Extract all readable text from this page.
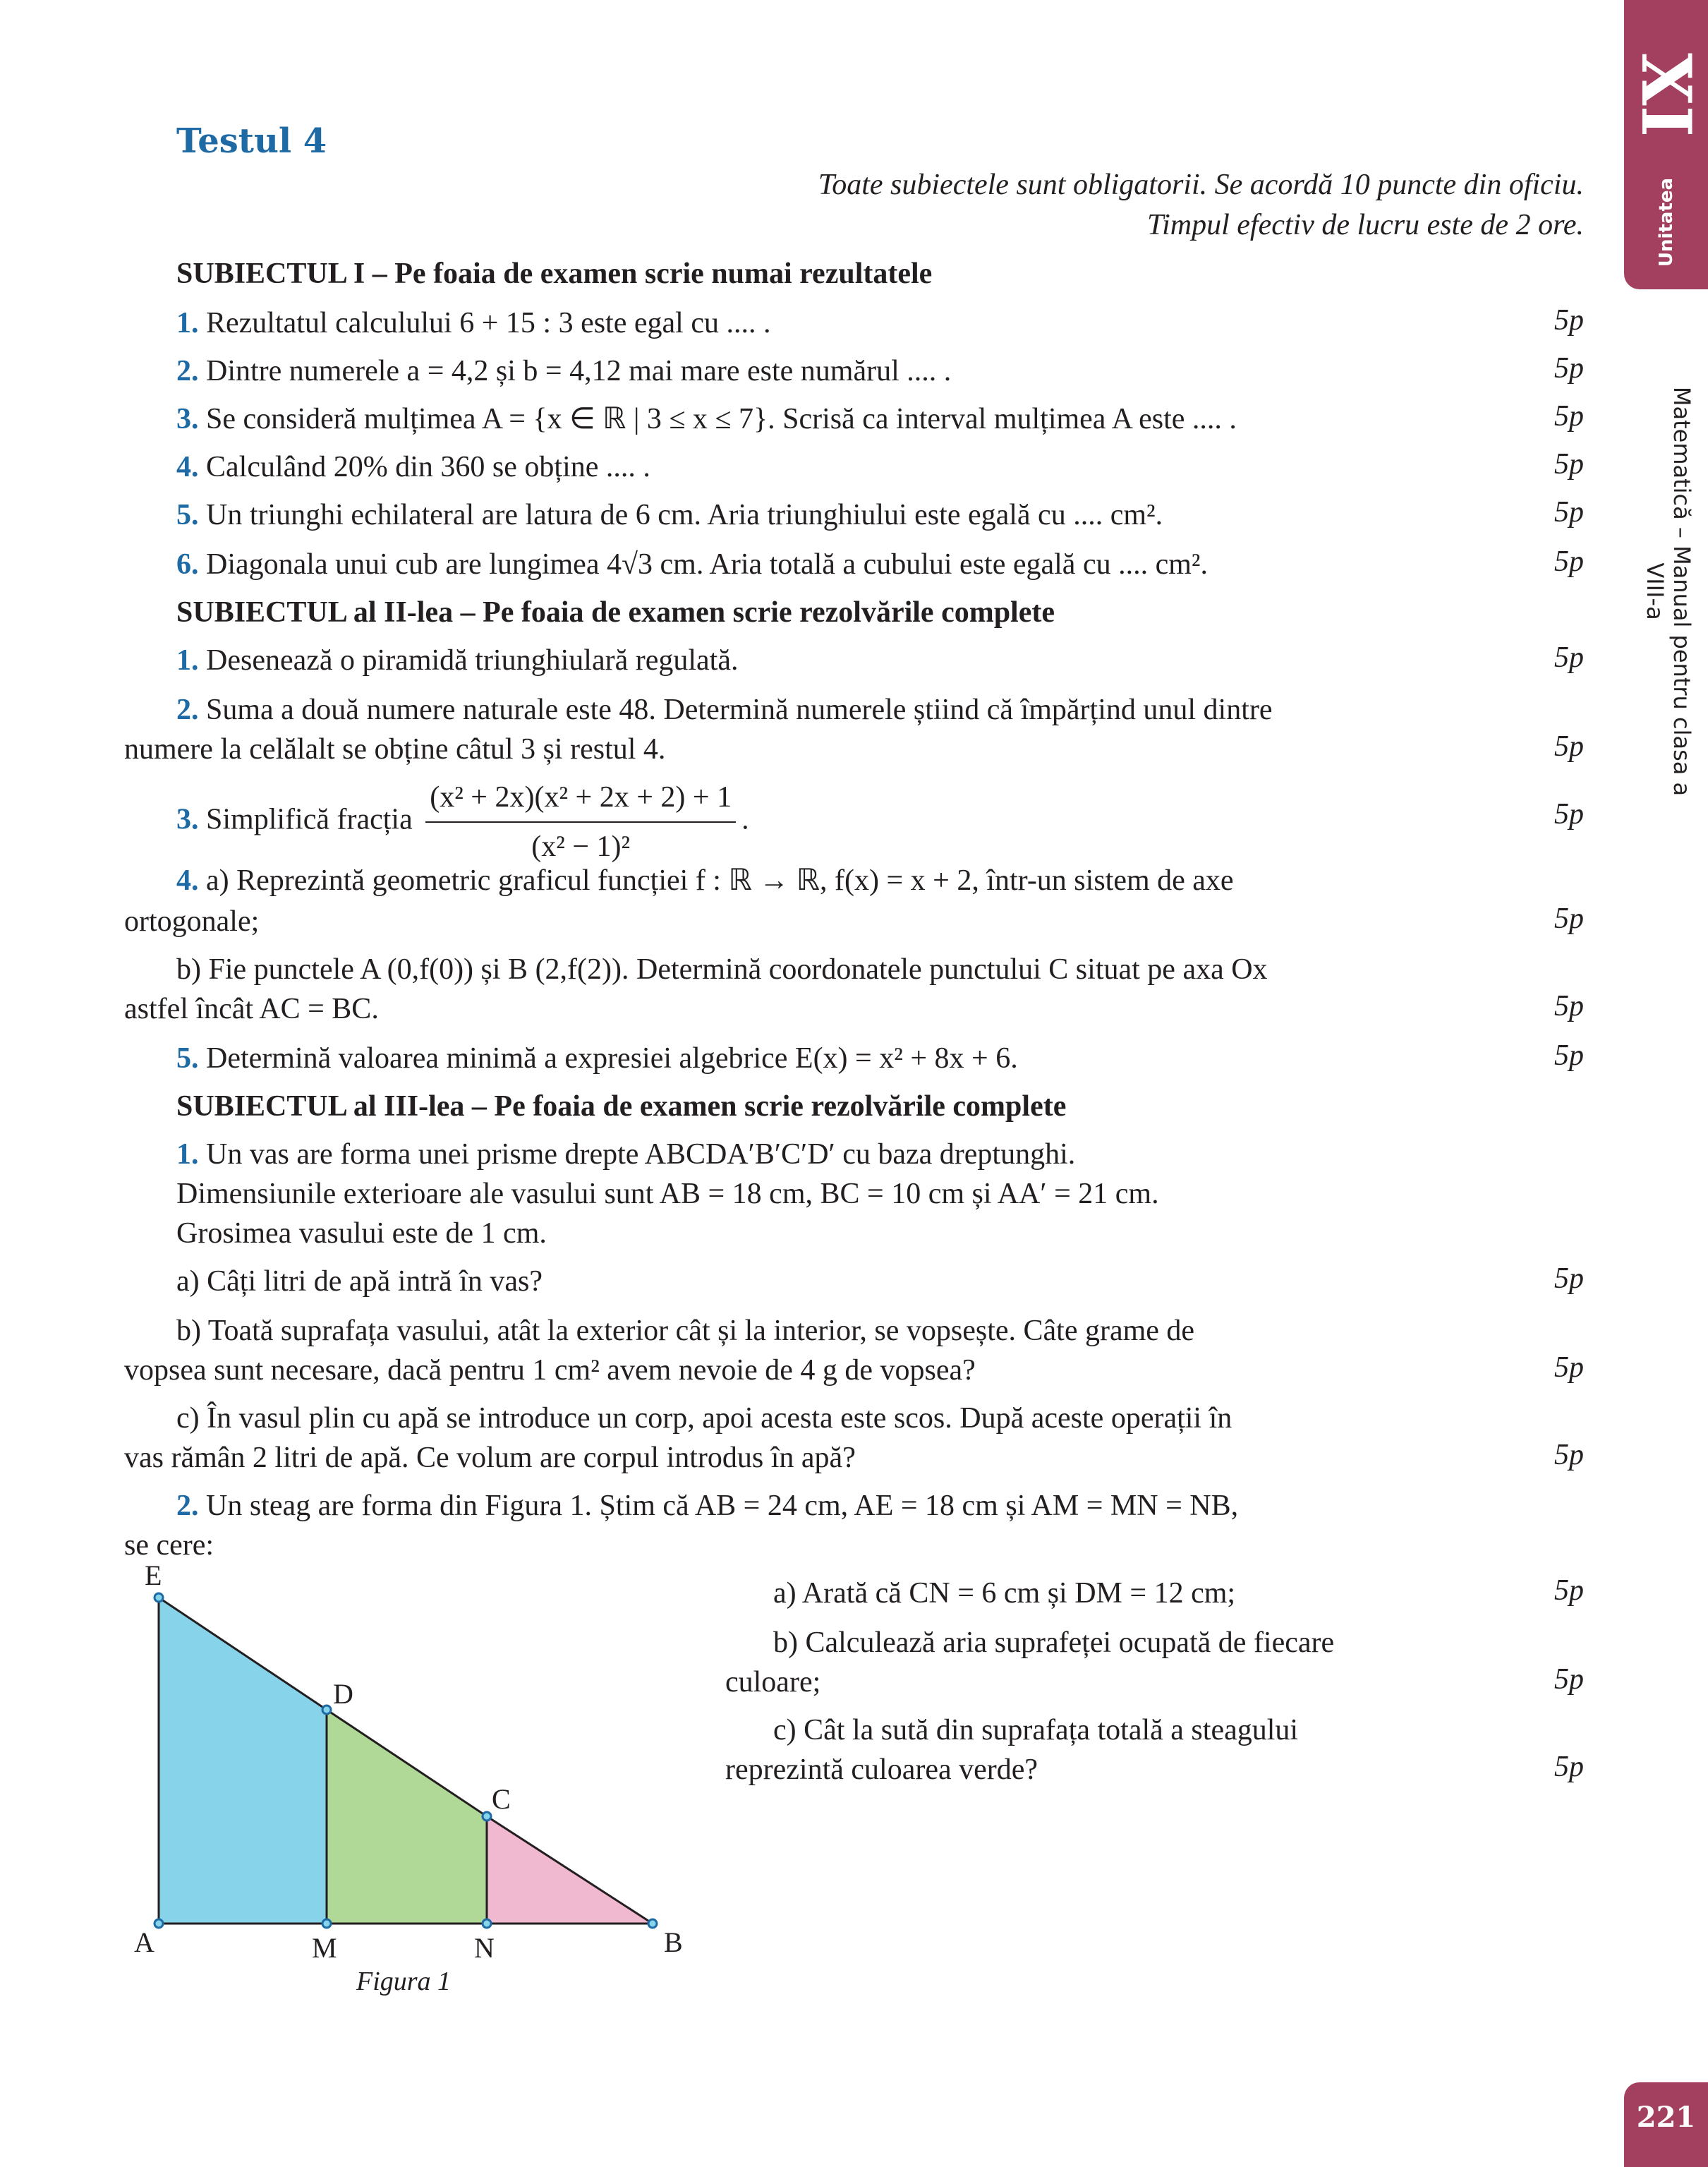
XI
Unitatea
Matematică – Manual pentru clasa a VIII-a
221
Testul 4
Toate subiectele sunt obligatorii. Se acordă 10 puncte din oficiu.
Timpul efectiv de lucru este de 2 ore.
SUBIECTUL I – Pe foaia de examen scrie numai rezultatele
1. Rezultatul calculului 6 + 15 : 3 este egal cu .... .	5p
2. Dintre numerele a = 4,2 și b = 4,12 mai mare este numărul .... .	5p
3. Se consideră mulțimea A = {x ∈ ℝ | 3 ≤ x ≤ 7}. Scrisă ca interval mulțimea A este .... .	5p
4. Calculând 20% din 360 se obține .... .	5p
5. Un triunghi echilateral are latura de 6 cm. Aria triunghiului este egală cu .... cm².	5p
6. Diagonala unui cub are lungimea 4√3 cm. Aria totală a cubului este egală cu .... cm².	5p
SUBIECTUL al II-lea – Pe foaia de examen scrie rezolvările complete
1. Desenează o piramidă triunghiulară regulată.	5p
2. Suma a două numere naturale este 48. Determină numerele știind că împărțind unul dintre
numere la celălalt se obține câtul 3 și restul 4.	5p
3. Simplifică fracția $\frac{\text{(x² + 2x)(x² + 2x + 2) + 1}}{\text{(x² − 1)²}}$ .	5p
4. a) Reprezintă geometric graficul funcției f : ℝ → ℝ, f(x) = x + 2, într-un sistem de axe
ortogonale;	5p
b) Fie punctele A (0,f(0)) și B (2,f(2)). Determină coordonatele punctului C situat pe axa Ox
astfel încât AC = BC.	5p
5. Determină valoarea minimă a expresiei algebrice E(x) = x² + 8x + 6.	5p
SUBIECTUL al III-lea – Pe foaia de examen scrie rezolvările complete
1. Un vas are forma unei prisme drepte ABCDA′B′C′D′ cu baza dreptunghi.
Dimensiunile exterioare ale vasului sunt AB = 18 cm, BC = 10 cm și AA′ = 21 cm.
Grosimea vasului este de 1 cm.
a) Câți litri de apă intră în vas?	5p
b) Toată suprafața vasului, atât la exterior cât și la interior, se vopsește. Câte grame de
vopsea sunt necesare, dacă pentru 1 cm² avem nevoie de 4 g de vopsea?	5p
c) În vasul plin cu apă se introduce un corp, apoi acesta este scos. După aceste operații în
vas rămân 2 litri de apă. Ce volum are corpul introdus în apă?	5p
2. Un steag are forma din Figura 1. Știm că AB = 24 cm, AE = 18 cm și AM = MN = NB,
se cere:
a) Arată că CN = 6 cm și DM = 12 cm;	5p
b) Calculează aria suprafeței ocupată de fiecare
culoare;	5p
c) Cât la sută din suprafața totală a steagului
reprezintă culoarea verde?	5p
E
D
C
A	M	N	B
Figura 1
